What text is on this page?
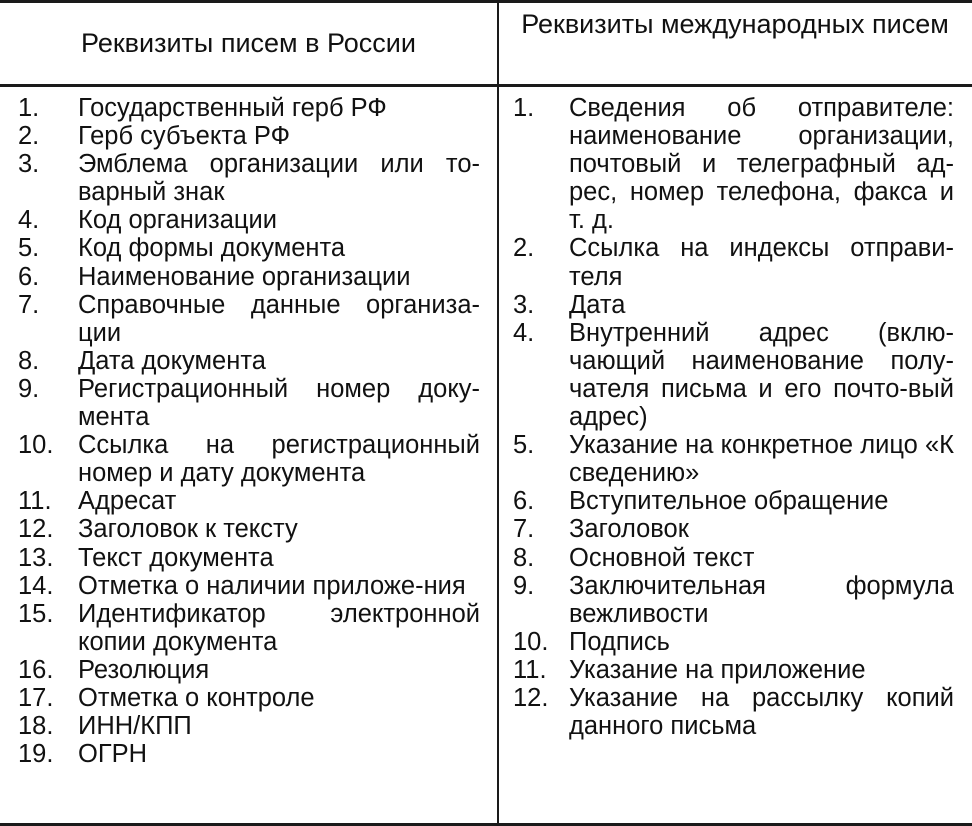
Реквизиты писем в России
Реквизиты международных писем
1.	Государственный герб РФ
2.	Герб субъекта РФ
3.	Эмблема организации или то-варный знак
4.	Код организации
5.	Код формы документа
6.	Наименование организации
7.	Справочные данные организа-ции
8.	Дата документа
9.	Регистрационный номер доку-мента
10. Ссылка на регистрационный номер и дату документа
11.	Адресат
12. Заголовок к тексту
13. Текст документа
14. Отметка о наличии приложе-ния
15. Идентификатор электронной копии документа
16. Резолюция
17. Отметка о контроле
18. ИНН/КПП
19. ОГРН
1.	Сведения об отправителе: наименование организации, почтовый и телеграфный ад-рес, номер телефона, факса и т. д.
2.	Ссылка на индексы отправи-теля
3.	Дата
4.	Внутренний адрес (вклю-чающий наименование полу-чателя письма и его почто-вый адрес)
5.	Указание на конкретное лицо «К сведению»
6.	Вступительное обращение
7.	Заголовок
8.	Основной текст
9.	Заключительная формула вежливости
10. Подпись
11. Указание на приложение
12. Указание на рассылку копий данного письма
